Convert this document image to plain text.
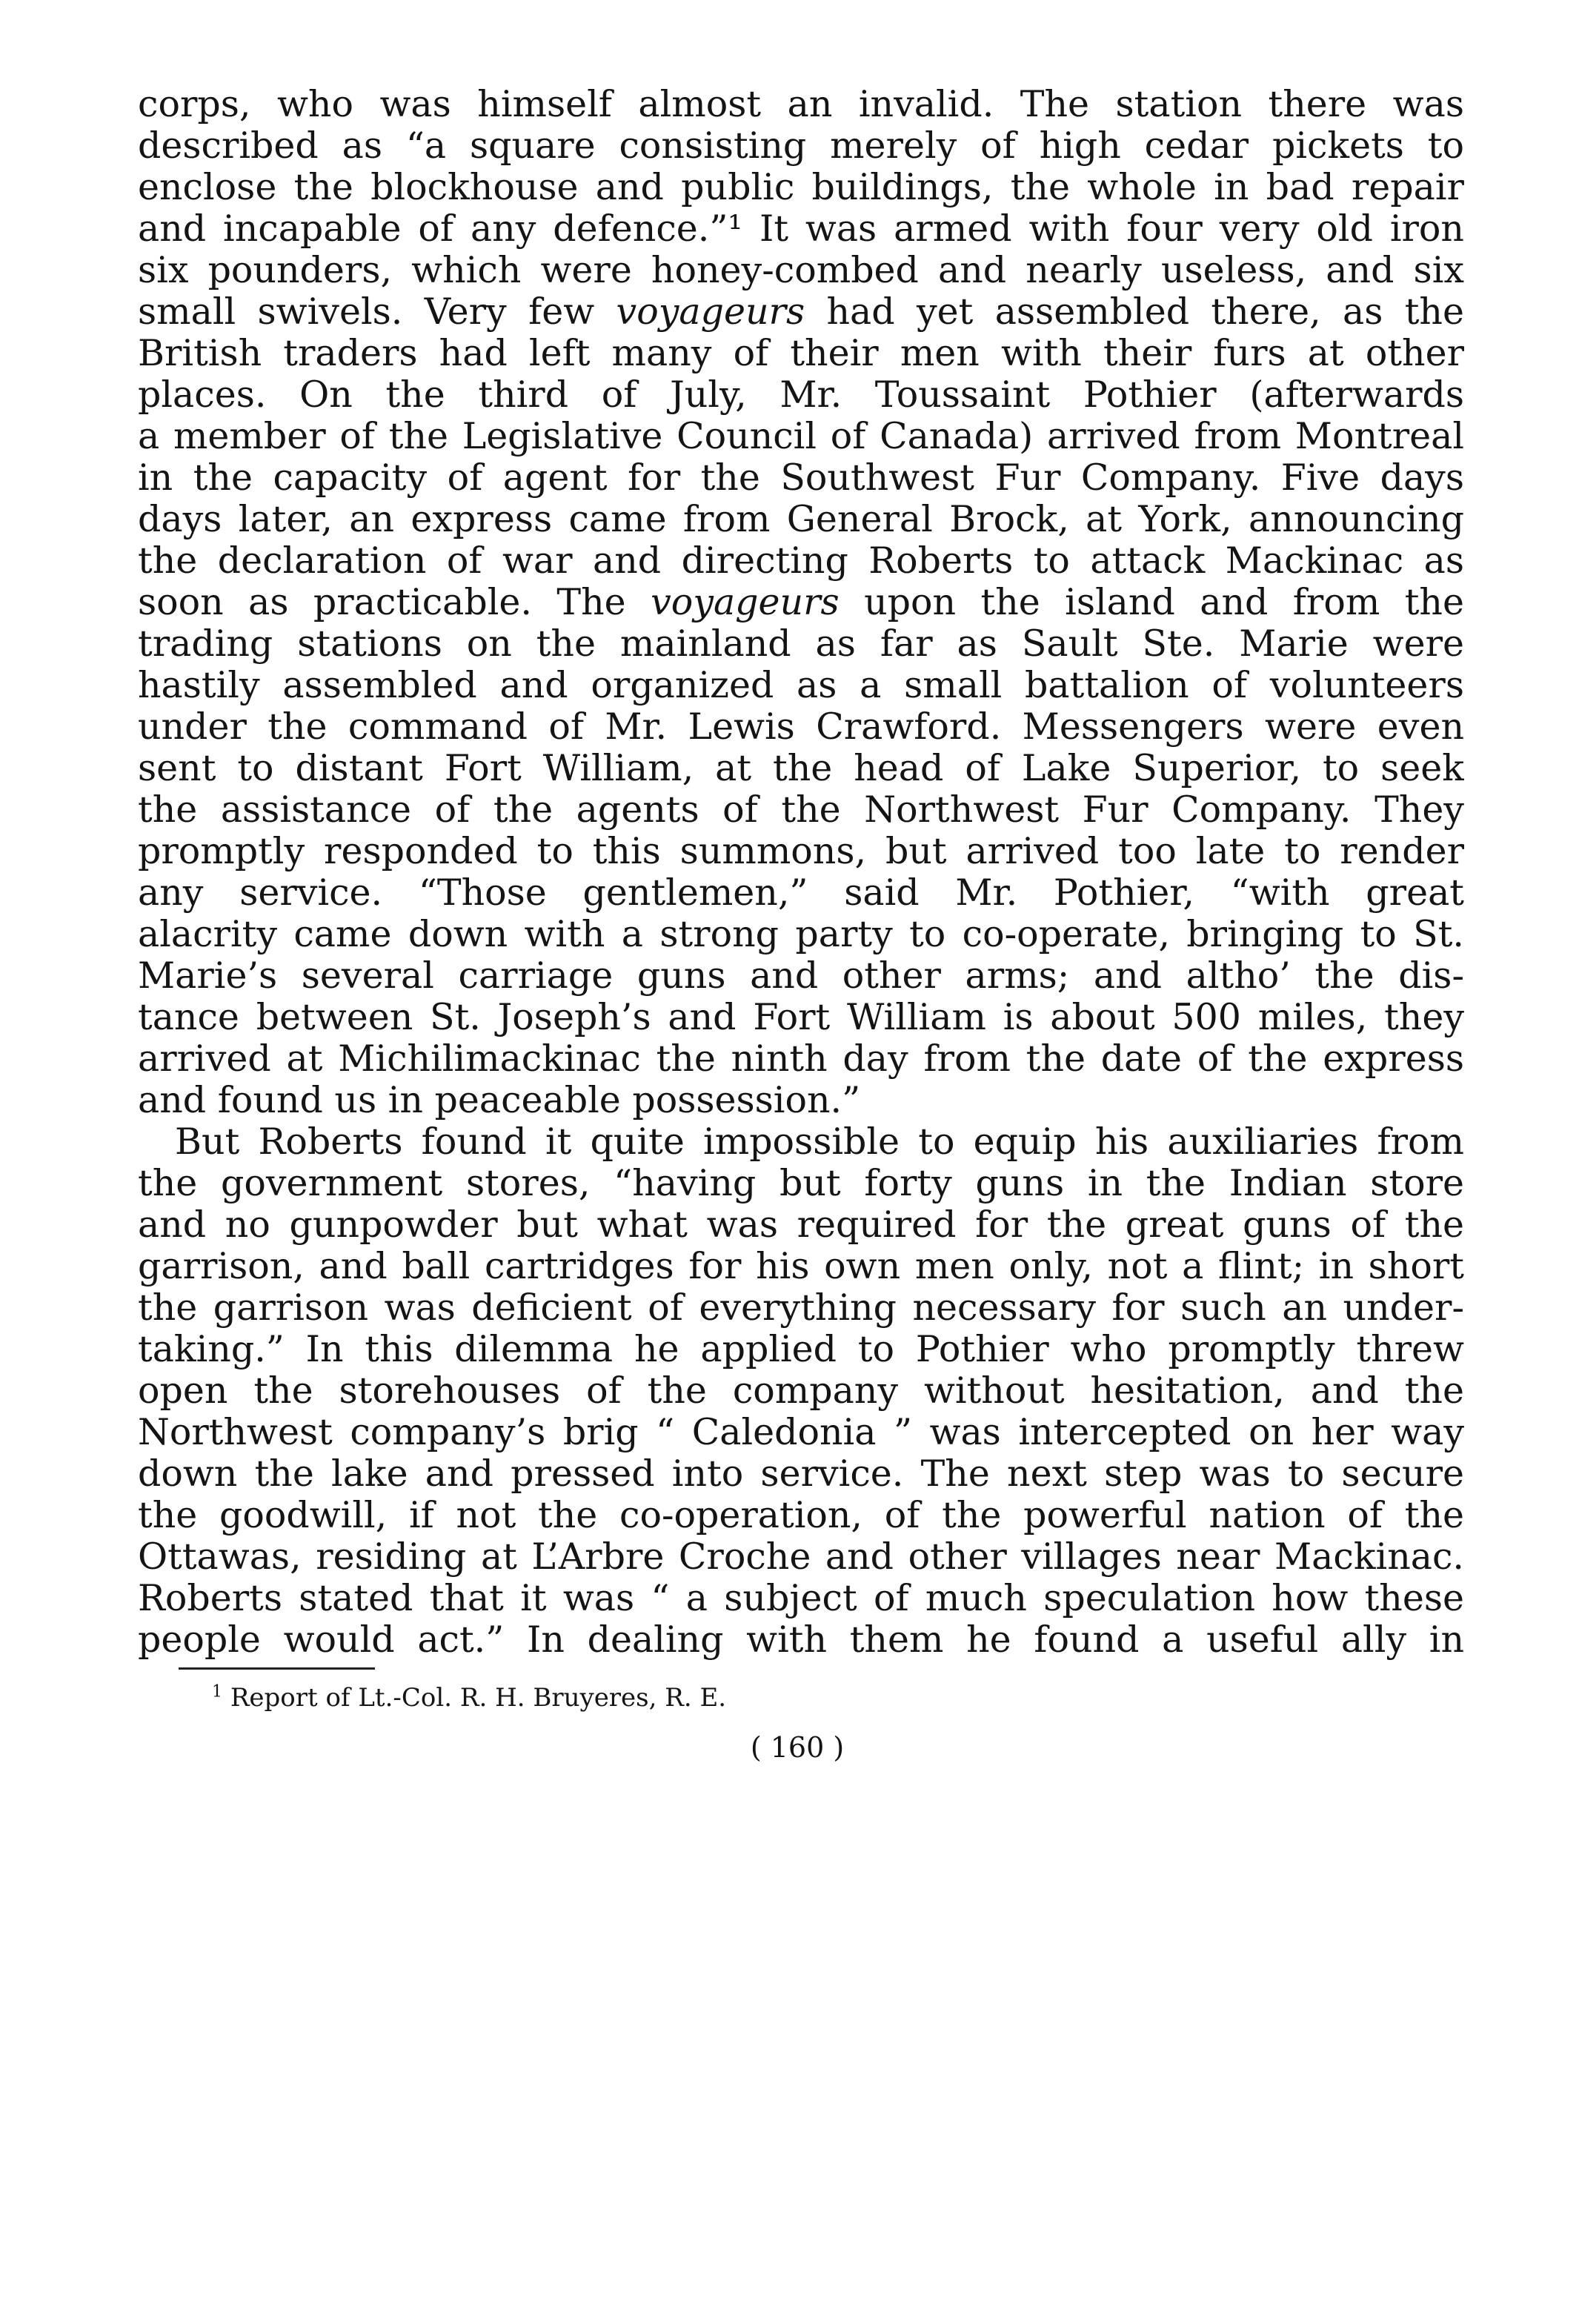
corps, who was himself almost an invalid. The station there was
described as “a square consisting merely of high cedar pickets to
enclose the blockhouse and public buildings, the whole in bad repair
and incapable of any defence.”¹ It was armed with four very old iron
six pounders, which were honey-combed and nearly useless, and six
small swivels. Very few voyageurs had yet assembled there, as the
British traders had left many of their men with their furs at other
places. On the third of July, Mr. Toussaint Pothier (afterwards
a member of the Legislative Council of Canada) arrived from Montreal
in the capacity of agent for the Southwest Fur Company. Five days
days later, an express came from General Brock, at York, announcing
the declaration of war and directing Roberts to attack Mackinac as
soon as practicable. The voyageurs upon the island and from the
trading stations on the mainland as far as Sault Ste. Marie were
hastily assembled and organized as a small battalion of volunteers
under the command of Mr. Lewis Crawford. Messengers were even
sent to distant Fort William, at the head of Lake Superior, to seek
the assistance of the agents of the Northwest Fur Company. They
promptly responded to this summons, but arrived too late to render
any service. “Those gentlemen,” said Mr. Pothier, “with great
alacrity came down with a strong party to co-operate, bringing to St.
Marie’s several carriage guns and other arms; and altho’ the dis-
tance between St. Joseph’s and Fort William is about 500 miles, they
arrived at Michilimackinac the ninth day from the date of the express
and found us in peaceable possession.”
But Roberts found it quite impossible to equip his auxiliaries from
the government stores, “having but forty guns in the Indian store
and no gunpowder but what was required for the great guns of the
garrison, and ball cartridges for his own men only, not a flint; in short
the garrison was deficient of everything necessary for such an under-
taking.” In this dilemma he applied to Pothier who promptly threw
open the storehouses of the company without hesitation, and the
Northwest company’s brig “ Caledonia ” was intercepted on her way
down the lake and pressed into service. The next step was to secure
the goodwill, if not the co-operation, of the powerful nation of the
Ottawas, residing at L’Arbre Croche and other villages near Mackinac.
Roberts stated that it was “ a subject of much speculation how these
people would act.” In dealing with them he found a useful ally in
$^1$ Report of Lt.-Col. R. H. Bruyeres, R. E.
( 160 )
